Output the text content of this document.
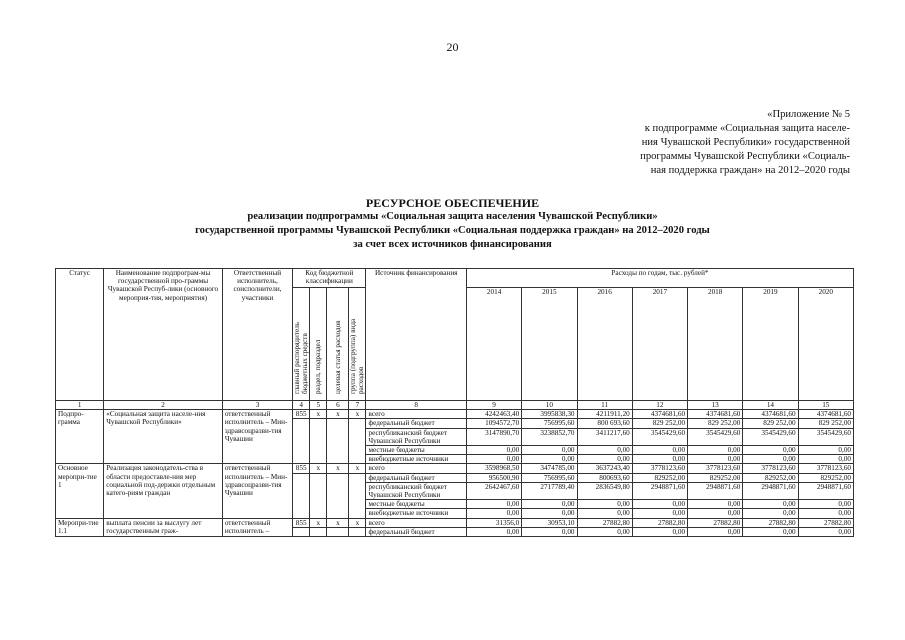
20
«Приложение № 5
к подпрограмме «Социальная защита населе-
ния Чувашской Республики» государственной
программы Чувашской Республики «Социаль-
ная поддержка граждан» на 2012–2020 годы
РЕСУРСНОЕ ОБЕСПЕЧЕНИЕ
реализации подпрограммы «Социальная защита населения Чувашской Республики»
государственной программы Чувашской Республики «Социальная поддержка граждан» на 2012–2020 годы
за счет всех источников финансирования
Статус	Наименование подпрограм-мы государственной про-граммы Чувашской Респуб-лики (основного мероприя-тия, мероприятия)	Ответственный исполнитель, соисполнители, участники	Код бюджетной классификации				Источник финансирования	Расходы по годам, тыс. рублей*						
			главный распорядитель бюджетных средств	раздел, подраздел	целевая статья расходов	группа (подгруппа) вида расходов		2014	2015	2016	2017	2018	2019	2020
1	2	3	4	5	6	7	8	9	10	11	12	13	14	15
Подпро-грамма	«Социальная защита населе-ния Чувашской Республики»	ответственный исполнитель – Мин-здравсоцразви-тия Чувашии	855	x	x	x	всего	4242463,40	3995838,30	4211911,20	4374681,60	4374681,60	4374681,60	4374681,60
							федеральный бюджет	1094572,70	756995,60	800 693,60	829 252,00	829 252,00	829 252,00	829 252,00
							республиканский бюджет Чувашской Республики	3147890,70	3238852,70	3411217,60	3545429,60	3545429,60	3545429,60	3545429,60
							местные бюджеты	0,00	0,00	0,00	0,00	0,00	0,00	0,00
							внебюджетные источники	0,00	0,00	0,00	0,00	0,00	0,00	0,00
Основное меропри-тие 1	Реализация законодатель-ства в области предоставле-ния мер социальной под-держки отдельным катего-риям граждан	ответственный исполнитель – Мин-здравсоцразви-тия Чувашии	855	x	x	x	всего	3598968,50	3474785,00	3637243,40	3778123,60	3778123,60	3778123,60	3778123,60
							федеральный бюджет	956500,90	756995,60	800693,60	829252,00	829252,00	829252,00	829252,00
							республиканский бюджет Чувашской Республики	2642467,60	2717789,40	2836549,80	2948871,60	2948871,60	2948871,60	2948871,60
							местные бюджеты	0,00	0,00	0,00	0,00	0,00	0,00	0,00
							внебюджетные источники	0,00	0,00	0,00	0,00	0,00	0,00	0,00
Меропри-тие 1.1	выплата пенсии за выслугу лет государственным граж-	ответственный исполнитель –	855	x	x	x	всего	31356,0	30953,10	27882,80	27882,80	27882,80	27882,80	27882,80
							федеральный бюджет	0,00	0,00	0,00	0,00	0,00	0,00	0,00
